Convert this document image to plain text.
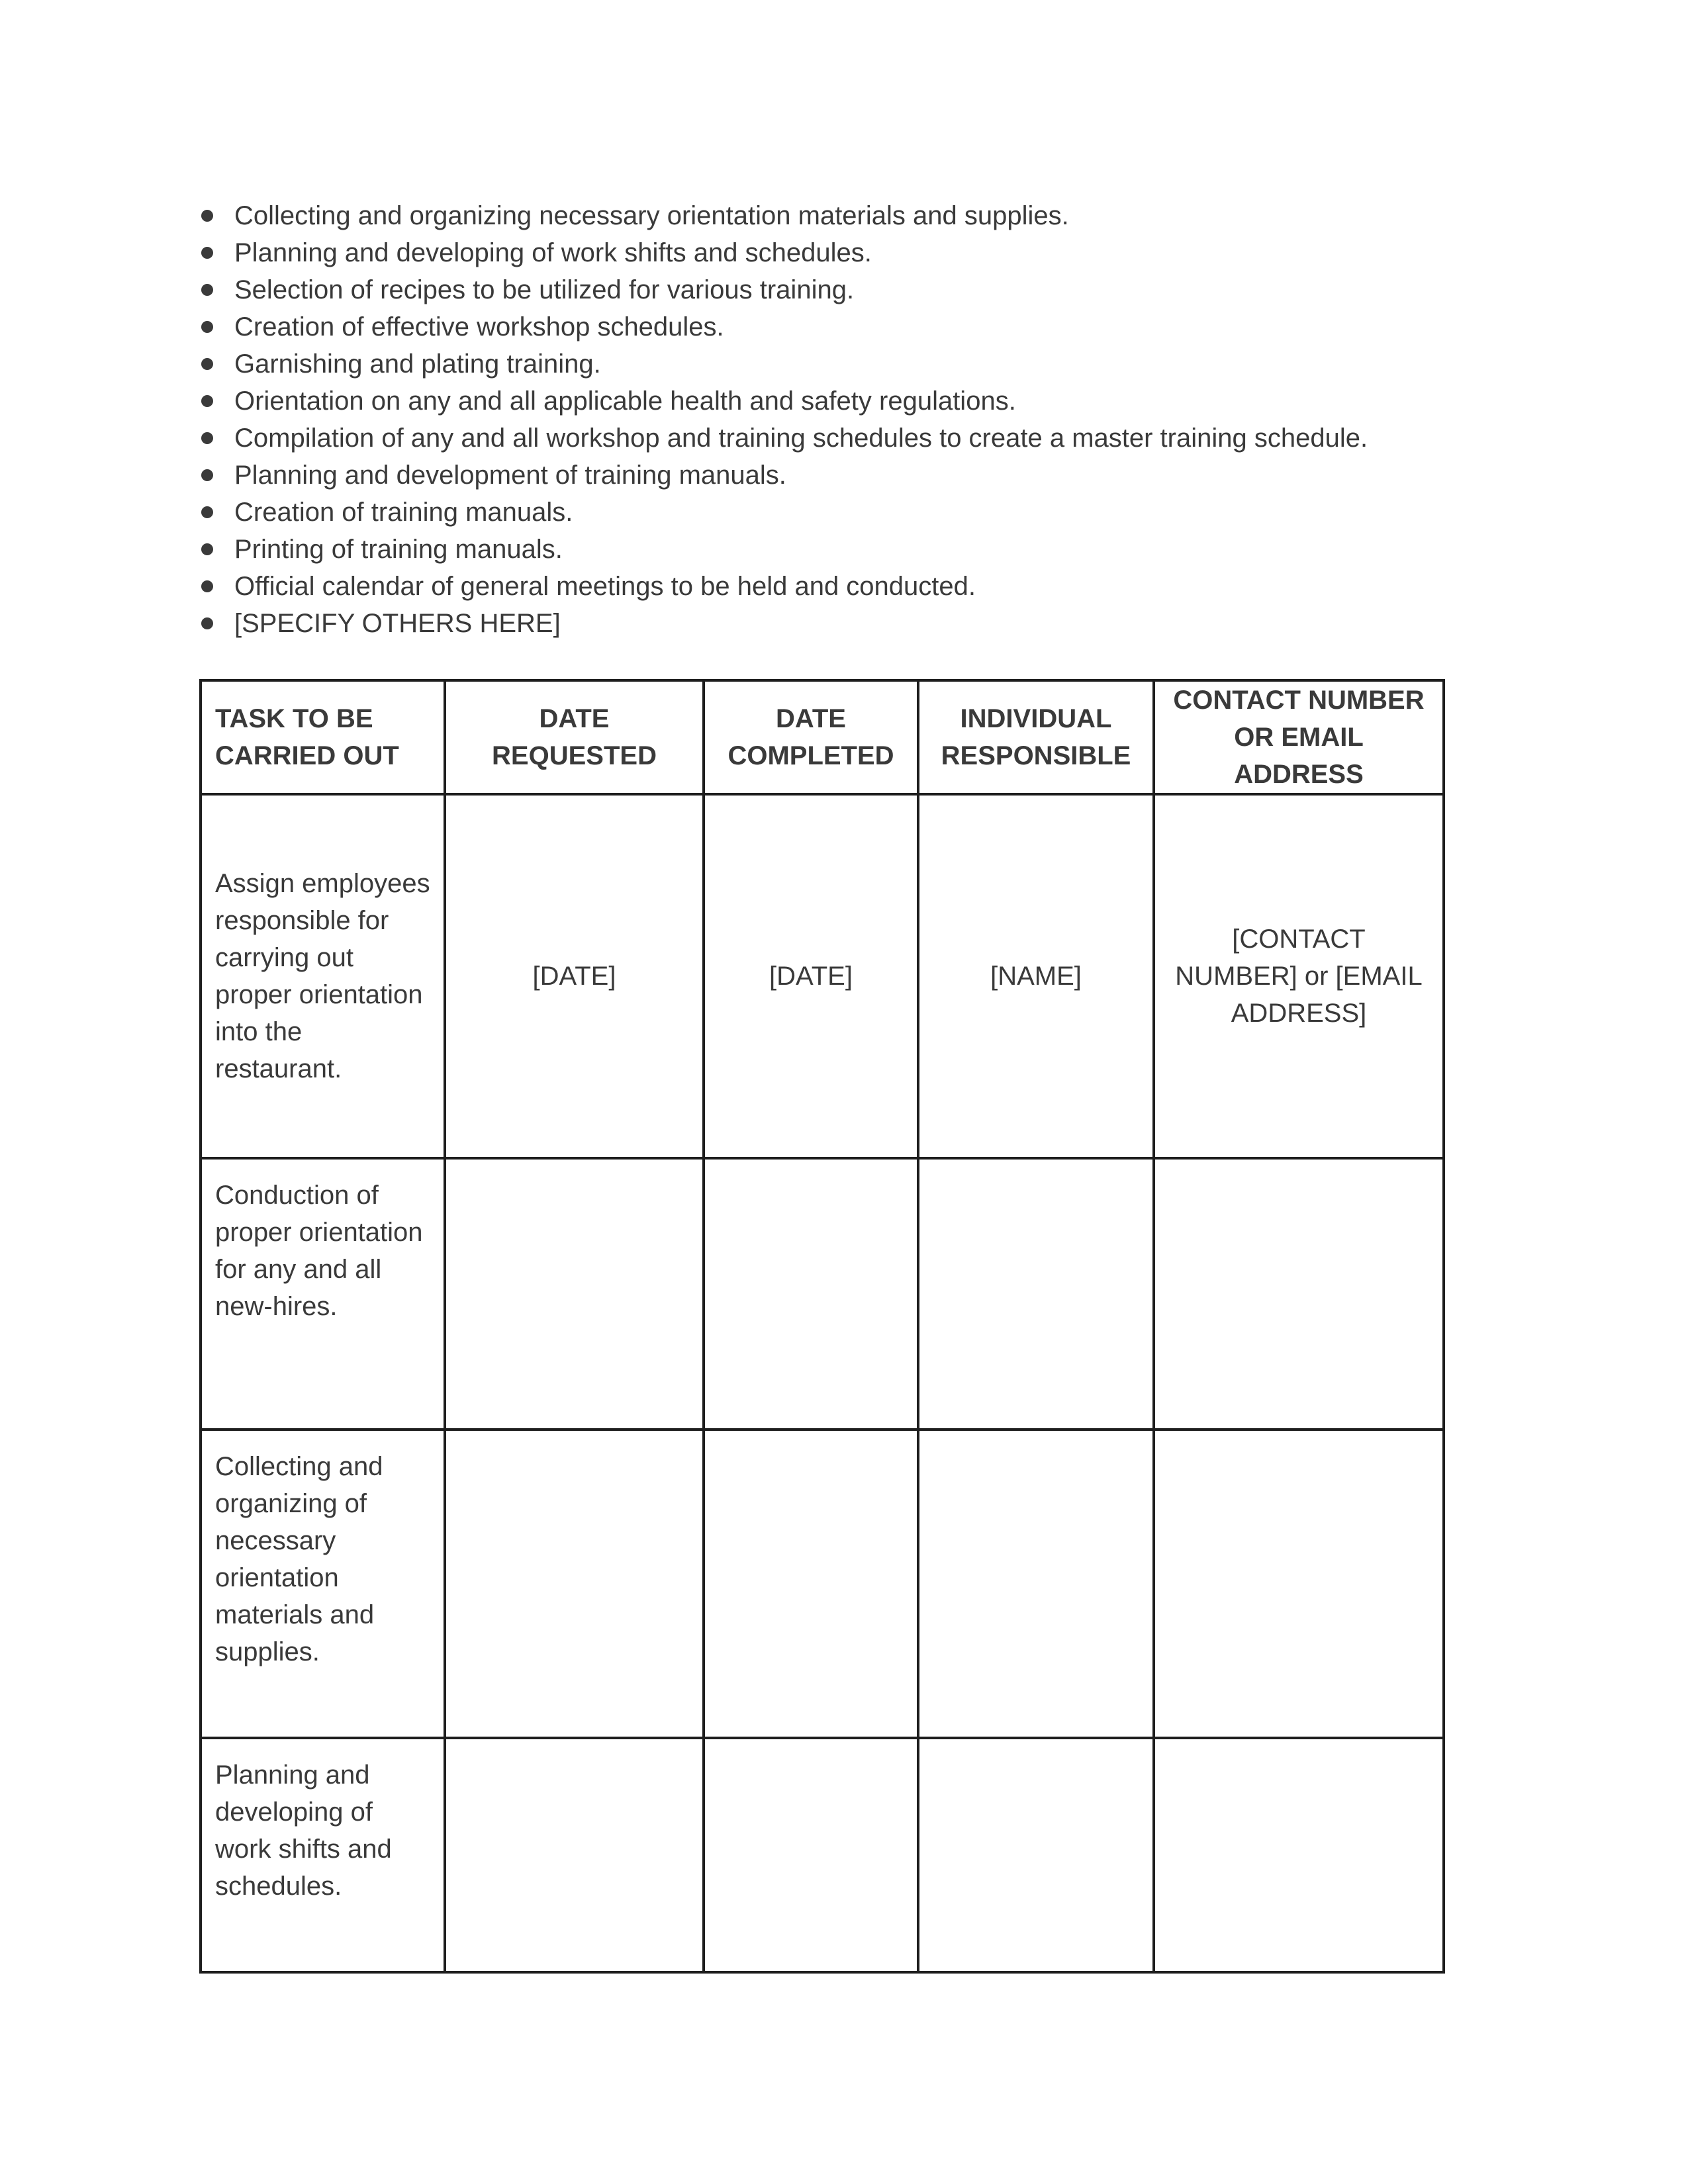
Collecting and organizing necessary orientation materials and supplies.
Planning and developing of work shifts and schedules.
Selection of recipes to be utilized for various training.
Creation of effective workshop schedules.
Garnishing and plating training.
Orientation on any and all applicable health and safety regulations.
Compilation of any and all workshop and training schedules to create a master training schedule.
Planning and development of training manuals.
Creation of training manuals.
Printing of training manuals.
Official calendar of general meetings to be held and conducted.
[SPECIFY OTHERS HERE]
TASK TO BE CARRIED OUT	DATE REQUESTED	DATE COMPLETED	INDIVIDUAL RESPONSIBLE	CONTACT NUMBER OR EMAIL ADDRESS
Assign employees responsible for carrying out proper orientation into the restaurant.	[DATE]	[DATE]	[NAME]	[CONTACT NUMBER] or [EMAIL ADDRESS]
Conduction of proper orientation for any and all new-hires.				
Collecting and organizing of necessary orientation materials and supplies.				
Planning and developing of work shifts and schedules.				
